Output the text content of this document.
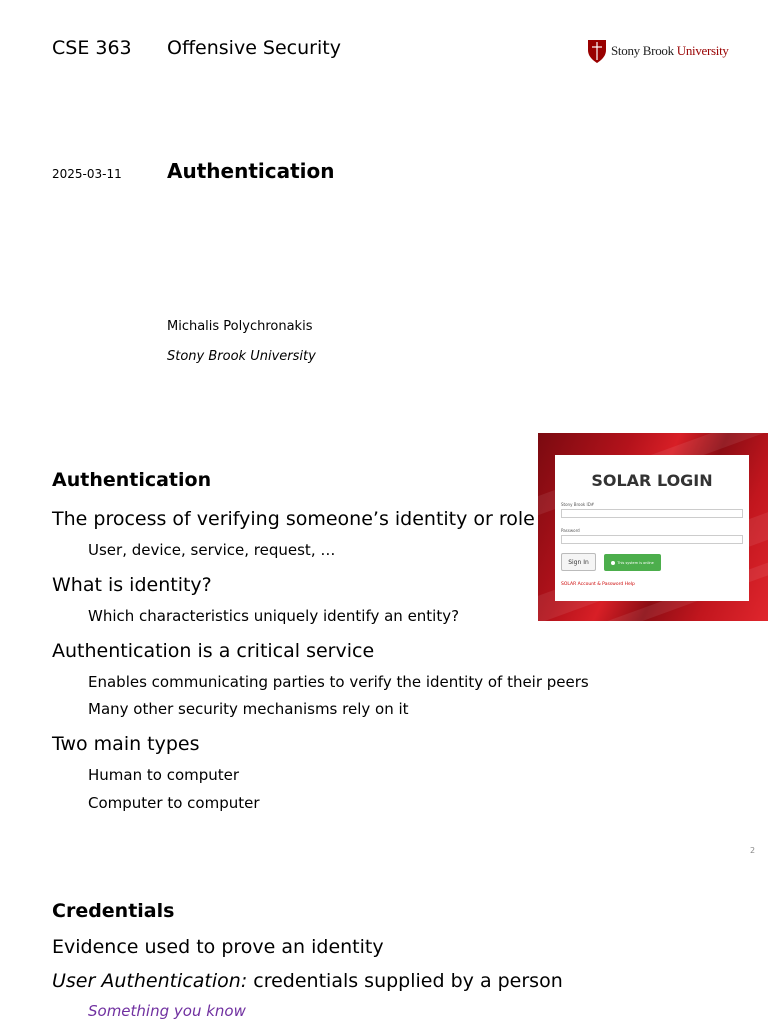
CSE 363 Offensive Security	Stony Brook University
2025-03-11 Authentication
Michalis Polychronakis
Stony Brook University
Authentication
The process of verifying someone’s identity or role
User, device, service, request, …
What is identity?
Which characteristics uniquely identify an entity?
Authentication is a critical service
Enables communicating parties to verify the identity of their peers
Many other security mechanisms rely on it
Two main types
Human to computer
Computer to computer
2
SOLAR LOGIN
Stony Brook ID#
Password
Sign In	This system is online
SOLAR Account & Password Help
Credentials
Evidence used to prove an identity
User Authentication: credentials supplied by a person
Something you know
